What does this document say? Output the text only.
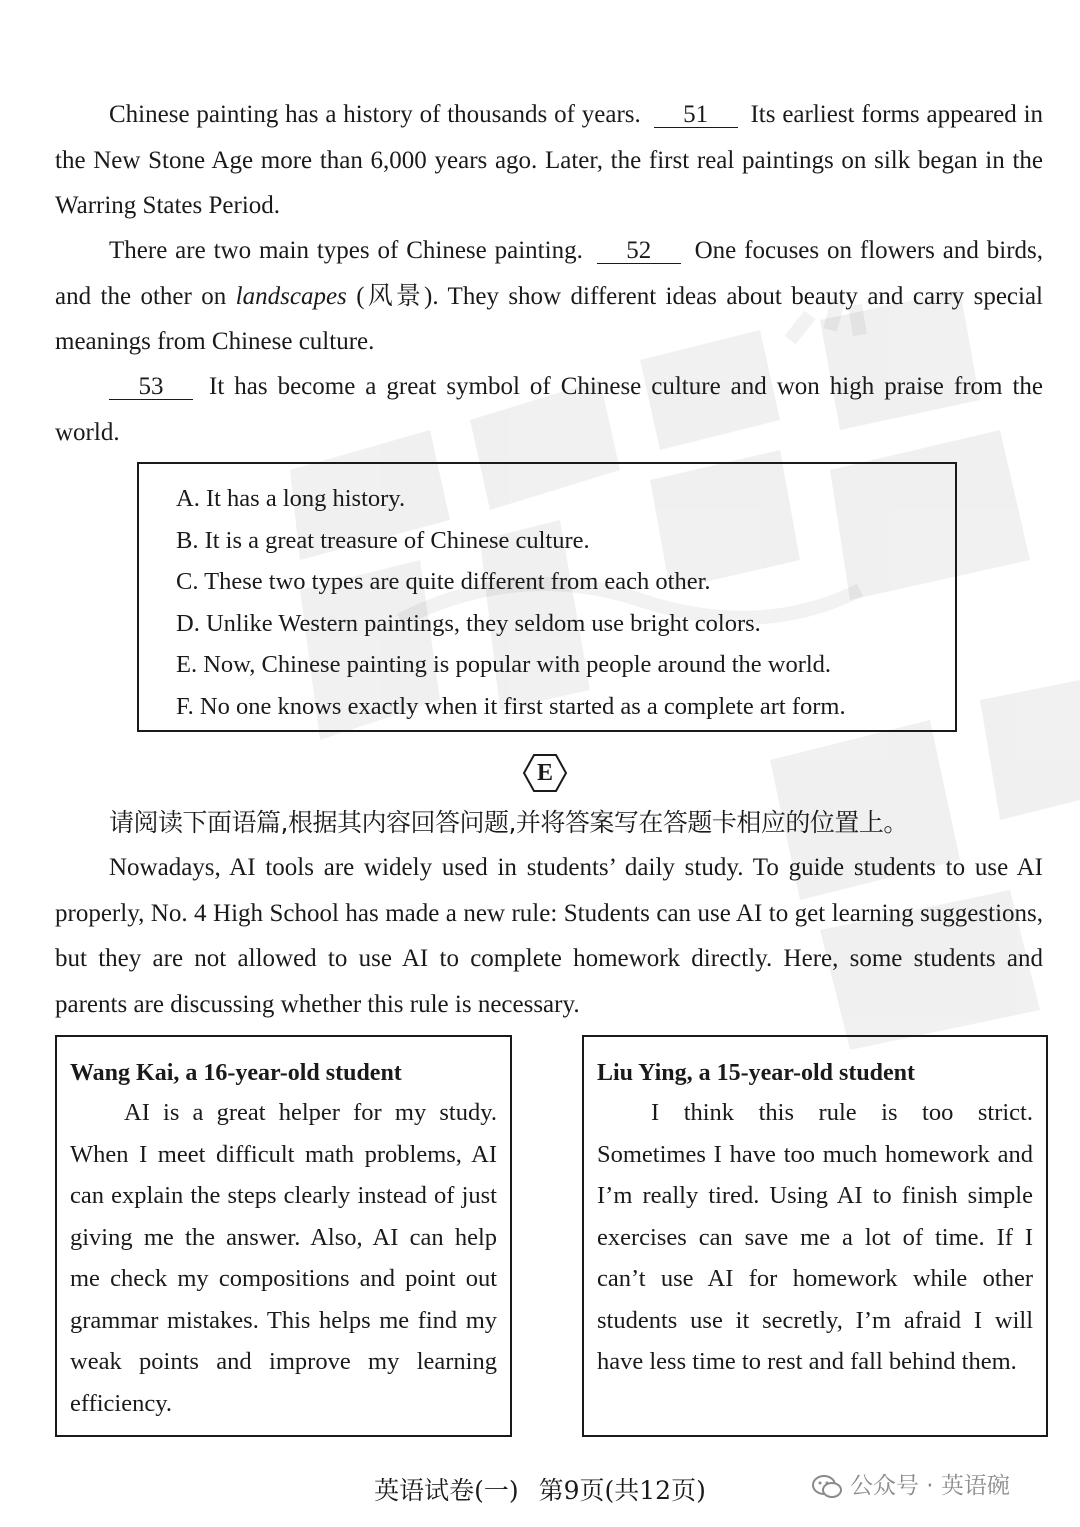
Chinese painting has a history of thousands of years. 51 Its earliest forms appeared in the New Stone Age more than 6,000 years ago. Later, the first real paintings on silk began in the Warring States Period.

There are two main types of Chinese painting. 52 One focuses on flowers and birds, and the other on landscapes (风景). They show different ideas about beauty and carry special meanings from Chinese culture.

53 It has become a great symbol of Chinese culture and won high praise from the world.

A. It has a long history.
B. It is a great treasure of Chinese culture.
C. These two types are quite different from each other.
D. Unlike Western paintings, they seldom use bright colors.
E. Now, Chinese painting is popular with people around the world.
F. No one knows exactly when it first started as a complete art form.
E
请阅读下面语篇,根据其内容回答问题,并将答案写在答题卡相应的位置上。

Nowadays, AI tools are widely used in students’ daily study. To guide students to use AI properly, No. 4 High School has made a new rule: Students can use AI to get learning suggestions, but they are not allowed to use AI to complete homework directly. Here, some students and parents are discussing whether this rule is necessary.

Wang Kai, a 16-year-old student

AI is a great helper for my study. When I meet difficult math problems, AI can explain the steps clearly instead of just giving me the answer. Also, AI can help me check my compositions and point out grammar mistakes. This helps me find my weak points and improve my learning efficiency.

Liu Ying, a 15-year-old student

I think this rule is too strict. Sometimes I have too much homework and I’m really tired. Using AI to finish simple exercises can save me a lot of time. If I can’t use AI for homework while other students use it secretly, I’m afraid I will have less time to rest and fall behind them.

英语试卷(一) 第9页(共12页)	公众号 · 英语碗
